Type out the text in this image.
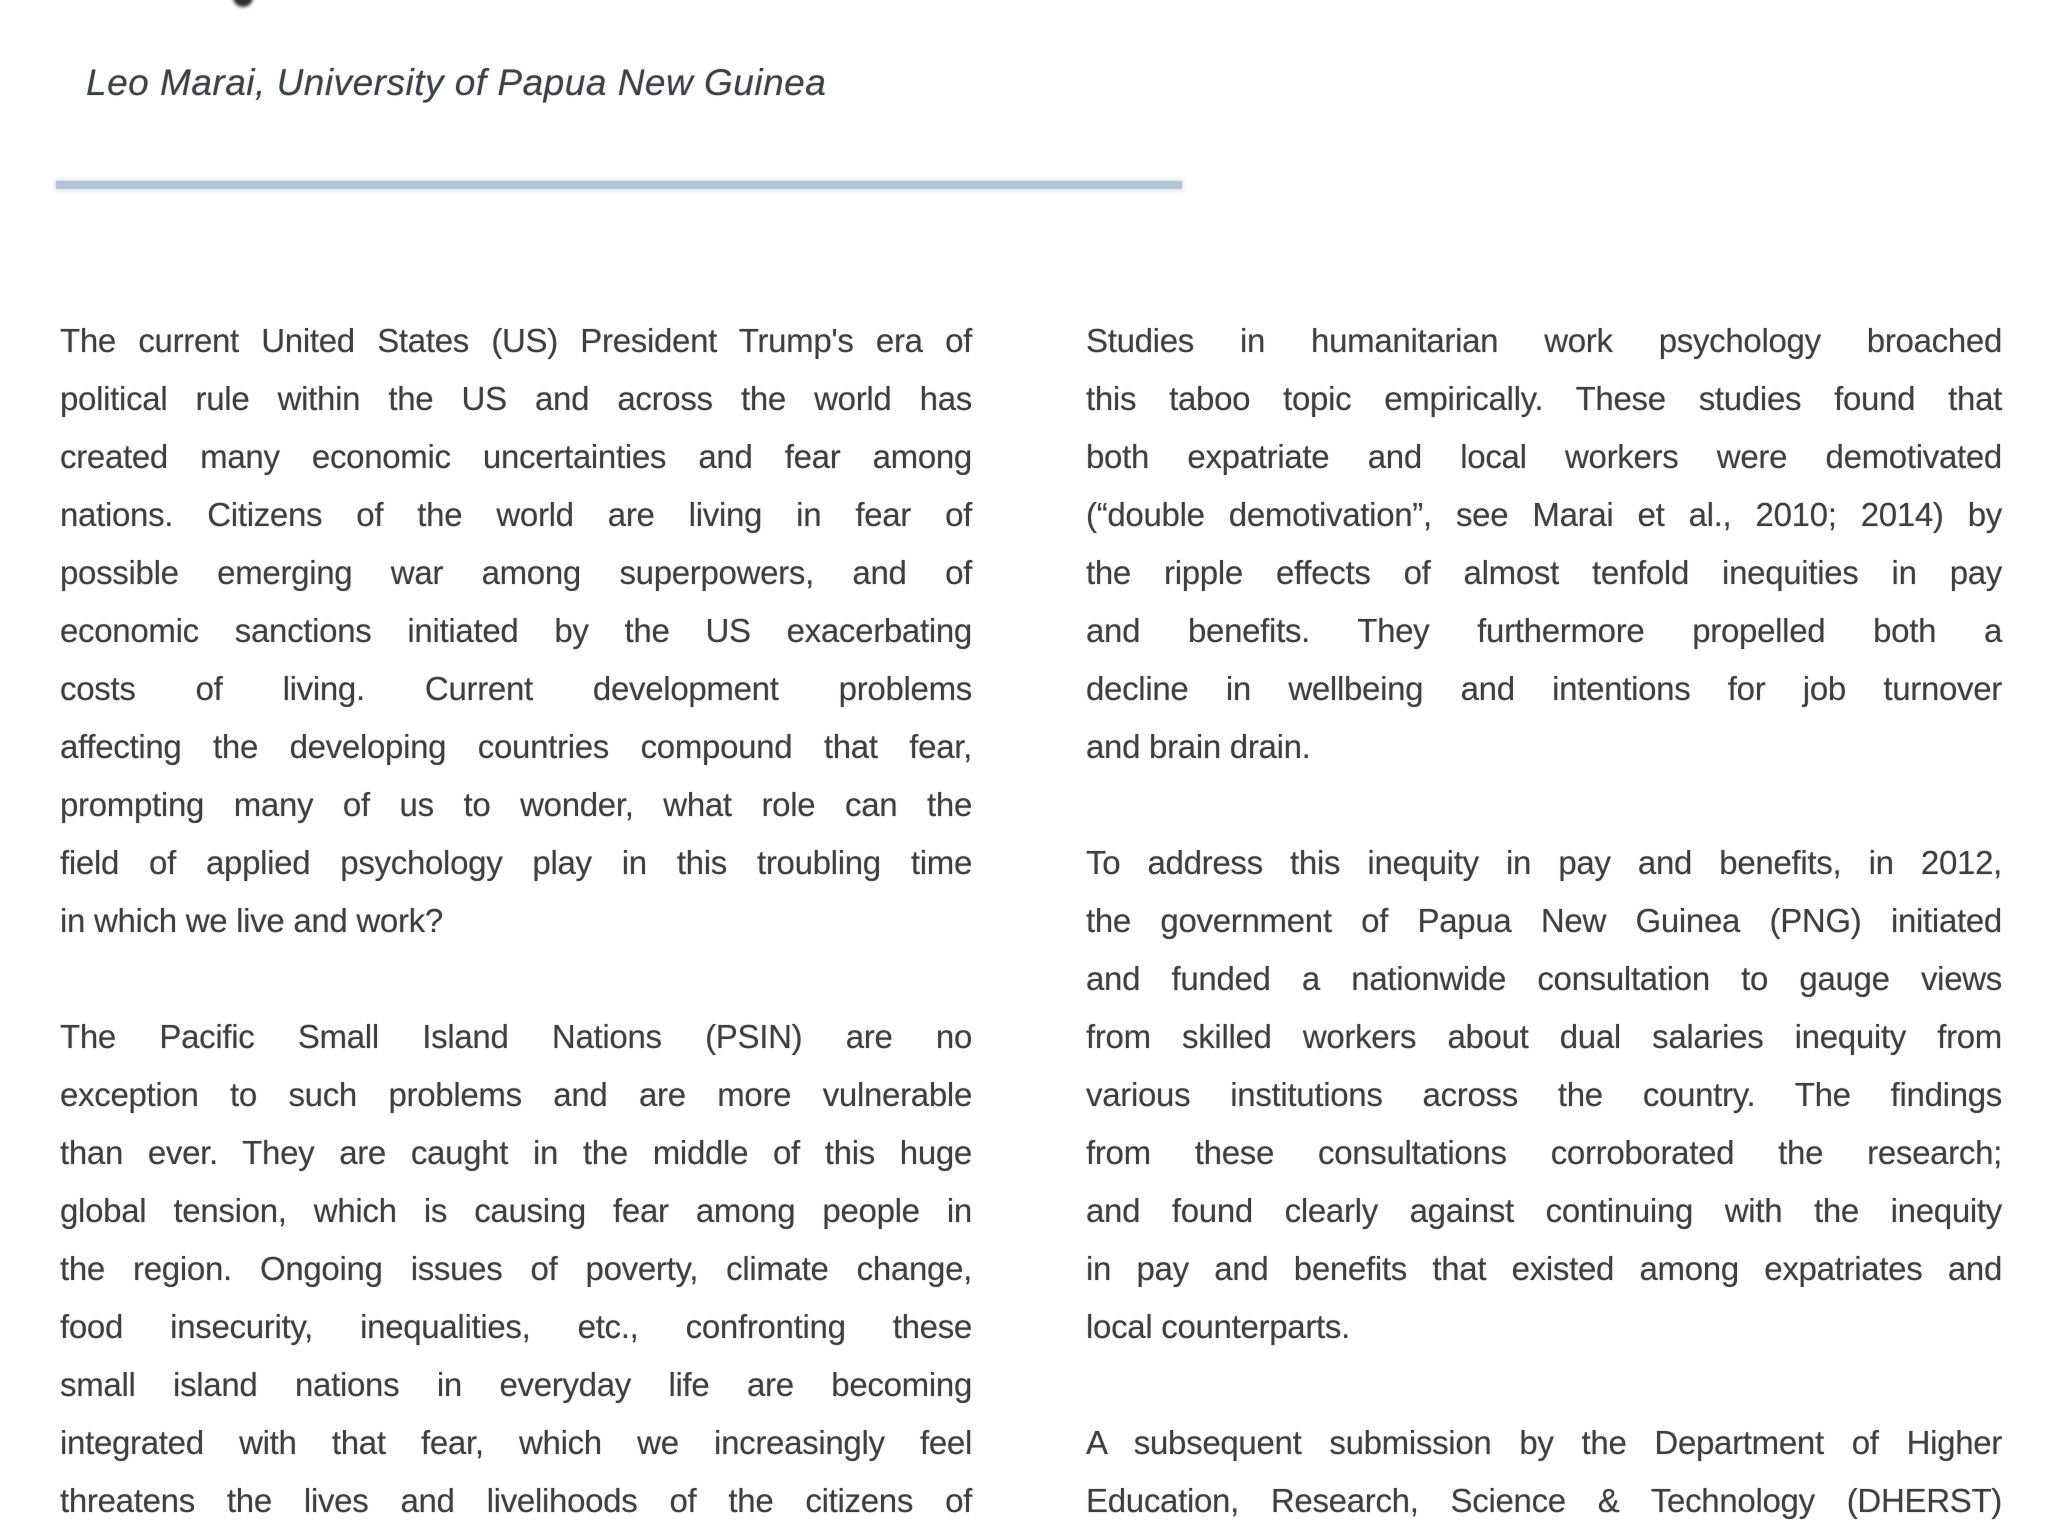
Leo Marai, University of Papua New Guinea
The current United States (US) President Trump's era of
political rule within the US and across the world has
created many economic uncertainties and fear among
nations. Citizens of the world are living in fear of
possible emerging war among superpowers, and of
economic sanctions initiated by the US exacerbating
costs of living. Current development problems
affecting the developing countries compound that fear,
prompting many of us to wonder, what role can the
field of applied psychology play in this troubling time
in which we live and work?
The Pacific Small Island Nations (PSIN) are no
exception to such problems and are more vulnerable
than ever. They are caught in the middle of this huge
global tension, which is causing fear among people in
the region. Ongoing issues of poverty, climate change,
food insecurity, inequalities, etc., confronting these
small island nations in everyday life are becoming
integrated with that fear, which we increasingly feel
threatens the lives and livelihoods of the citizens of
Studies in humanitarian work psychology broached
this taboo topic empirically. These studies found that
both expatriate and local workers were demotivated
(“double demotivation”, see Marai et al., 2010; 2014) by
the ripple effects of almost tenfold inequities in pay
and benefits. They furthermore propelled both a
decline in wellbeing and intentions for job turnover
and brain drain.
To address this inequity in pay and benefits, in 2012,
the government of Papua New Guinea (PNG) initiated
and funded a nationwide consultation to gauge views
from skilled workers about dual salaries inequity from
various institutions across the country. The findings
from these consultations corroborated the research;
and found clearly against continuing with the inequity
in pay and benefits that existed among expatriates and
local counterparts.
A subsequent submission by the Department of Higher
Education, Research, Science & Technology (DHERST)
